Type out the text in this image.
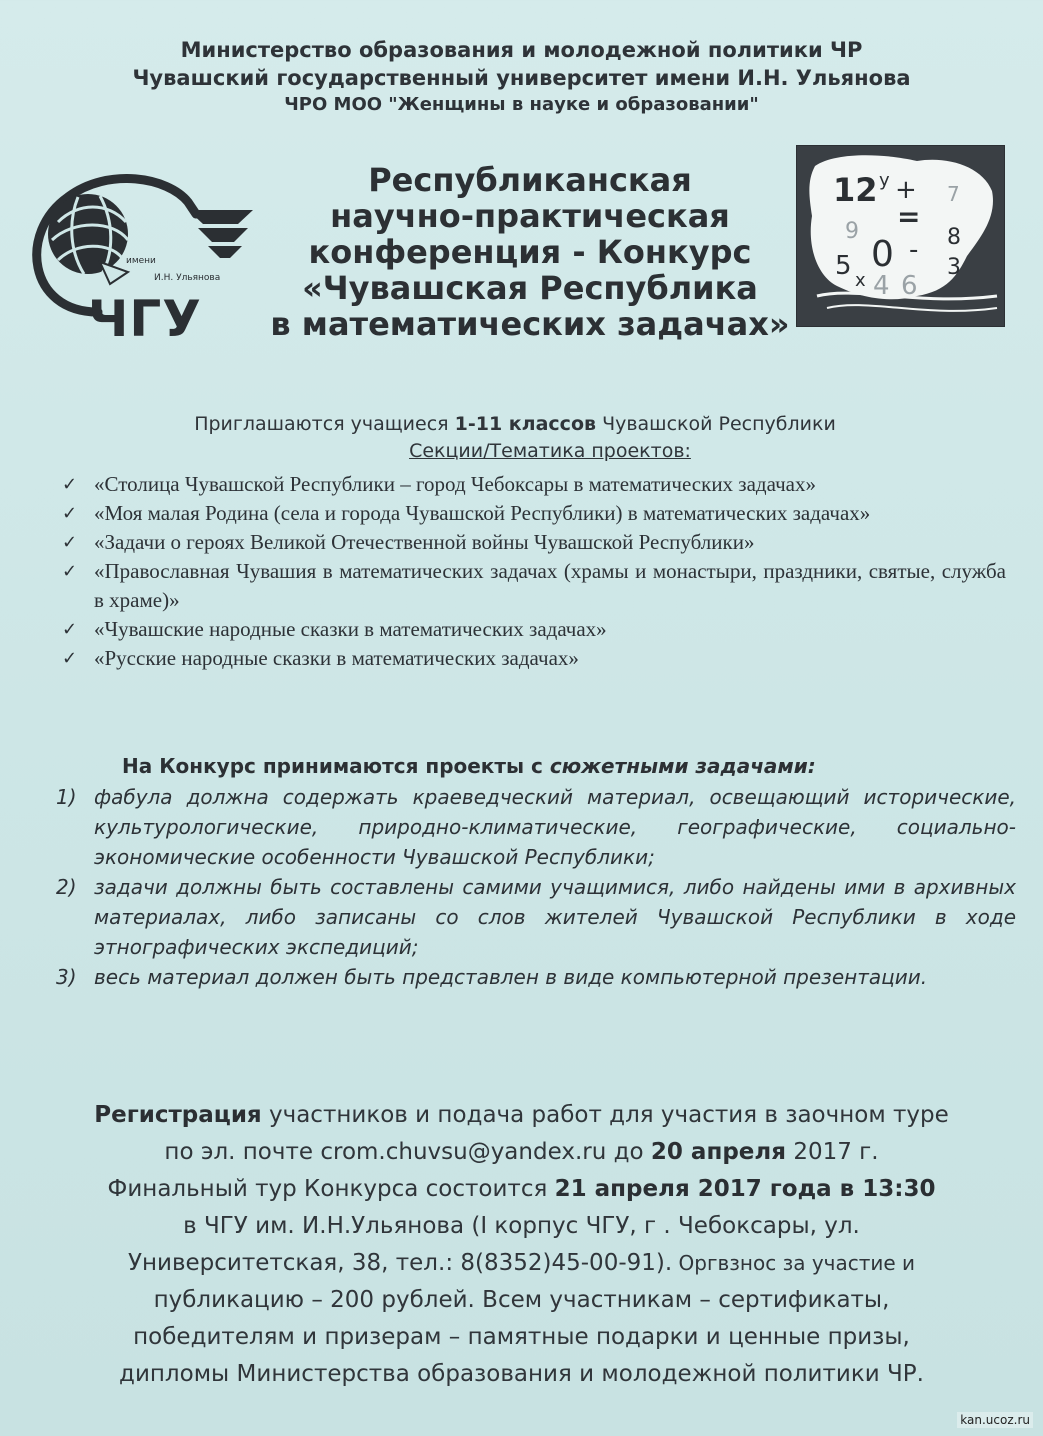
Министерство образования и молодежной политики ЧР
Чувашский государственный университет имени И.Н. Ульянова
ЧРО МОО "Женщины в науке и образовании"
имени
И.Н. Ульянова
ЧГУ
Республиканская
научно-практическая
конференция - Конкурс
«Чувашская Республика
в математических задачах»
12 y + 7
=
9	8
0 -
5 x 4 6
3
Приглашаются учащиеся 1-11 классов Чувашской Республики
Секции/Тематика проектов:
✓ «Столица Чувашской Республики – город Чебоксары в математических задачах»
✓ «Моя малая Родина (села и города Чувашской Республики) в математических задачах»
✓ «Задачи о героях Великой Отечественной войны Чувашской Республики»
✓ «Православная Чувашия в математических задачах (храмы и монастыри, праздники, святые, служба в храме)»
✓ «Чувашские народные сказки в математических задачах»
✓ «Русские народные сказки в математических задачах»
На Конкурс принимаются проекты с сюжетными задачами:
1) фабула должна содержать краеведческий материал, освещающий исторические, культурологические, природно-климатические, географические, социально-экономические особенности Чувашской Республики;
2) задачи должны быть составлены самими учащимися, либо найдены ими в архивных материалах, либо записаны со слов жителей Чувашской Республики в ходе этнографических экспедиций;
3) весь материал должен быть представлен в виде компьютерной презентации.
Регистрация участников и подача работ для участия в заочном туре
по эл. почте crom.chuvsu@yandex.ru до 20 апреля 2017 г.
Финальный тур Конкурса состоится 21 апреля 2017 года в 13:30
в ЧГУ им. И.Н.Ульянова (I корпус ЧГУ, г . Чебоксары, ул.
Университетская, 38, тел.: 8(8352)45-00-91). Оргвзнос за участие и
публикацию – 200 рублей. Всем участникам – сертификаты,
победителям и призерам – памятные подарки и ценные призы,
дипломы Министерства образования и молодежной политики ЧР.
kan.ucoz.ru
